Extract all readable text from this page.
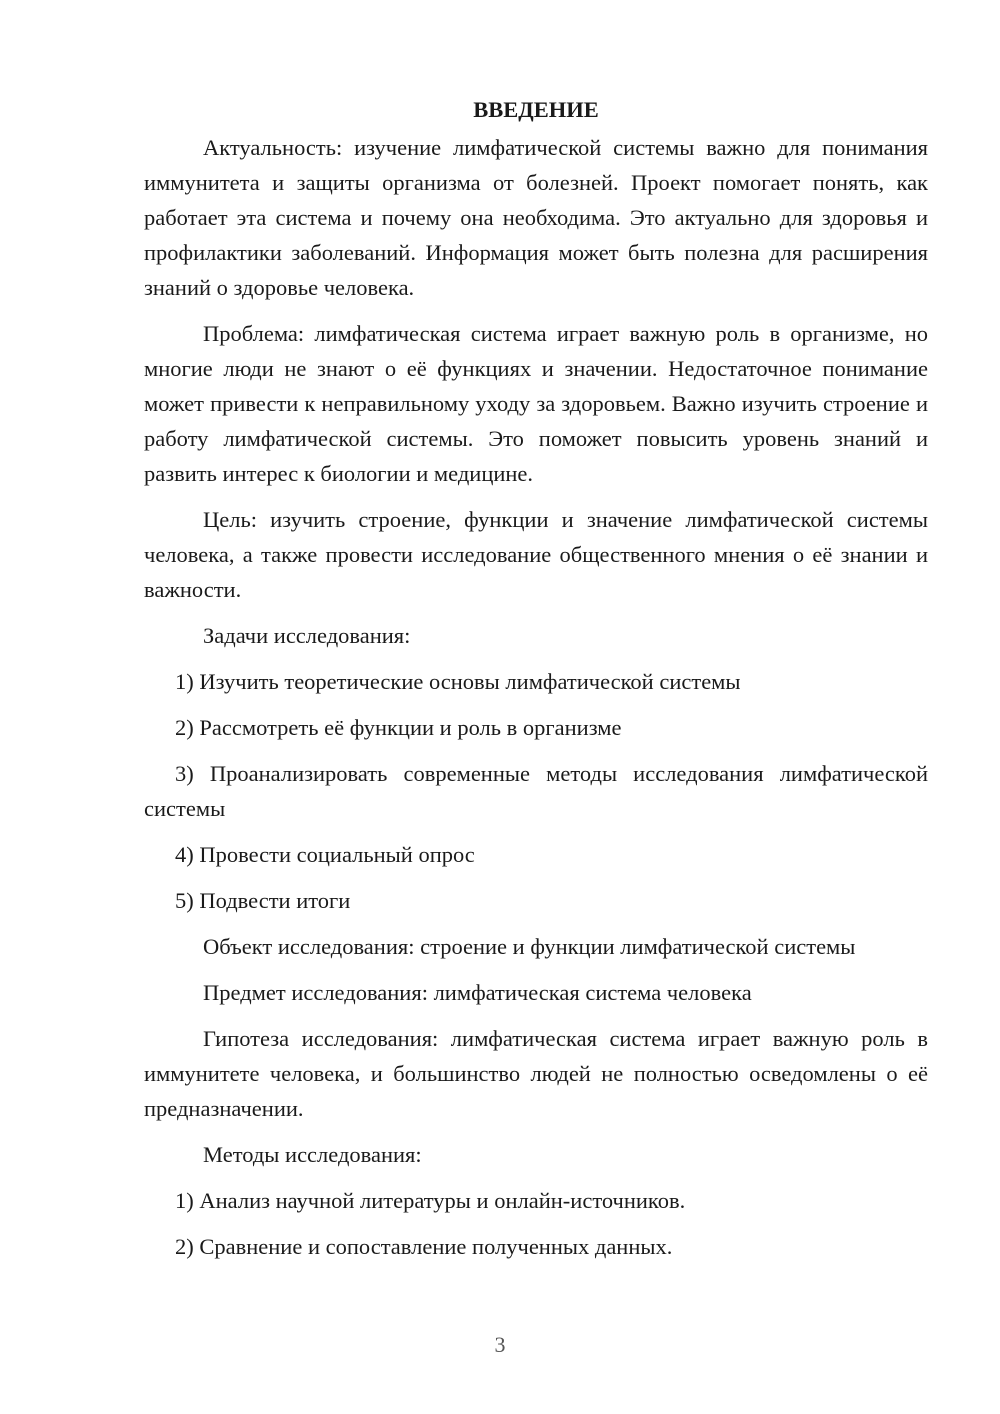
ВВЕДЕНИЕ

Актуальность: изучение лимфатической системы важно для понимания иммунитета и защиты организма от болезней. Проект помогает понять, как работает эта система и почему она необходима. Это актуально для здоровья и профилактики заболеваний. Информация может быть полезна для расширения знаний о здоровье человека.

Проблема: лимфатическая система играет важную роль в организме, но многие люди не знают о её функциях и значении. Недостаточное понимание может привести к неправильному уходу за здоровьем. Важно изучить строение и работу лимфатической системы. Это поможет повысить уровень знаний и развить интерес к биологии и медицине.

Цель: изучить строение, функции и значение лимфатической системы человека, а также провести исследование общественного мнения о её знании и важности.

Задачи исследования:

1) Изучить теоретические основы лимфатической системы

2) Рассмотреть её функции и роль в организме

3) Проанализировать современные методы исследования лимфатической системы

4) Провести социальный опрос

5) Подвести итоги

Объект исследования: строение и функции лимфатической системы

Предмет исследования: лимфатическая система человека

Гипотеза исследования: лимфатическая система играет важную роль в иммунитете человека, и большинство людей не полностью осведомлены о её предназначении.

Методы исследования:

1) Анализ научной литературы и онлайн-источников.

2) Сравнение и сопоставление полученных данных.

3
